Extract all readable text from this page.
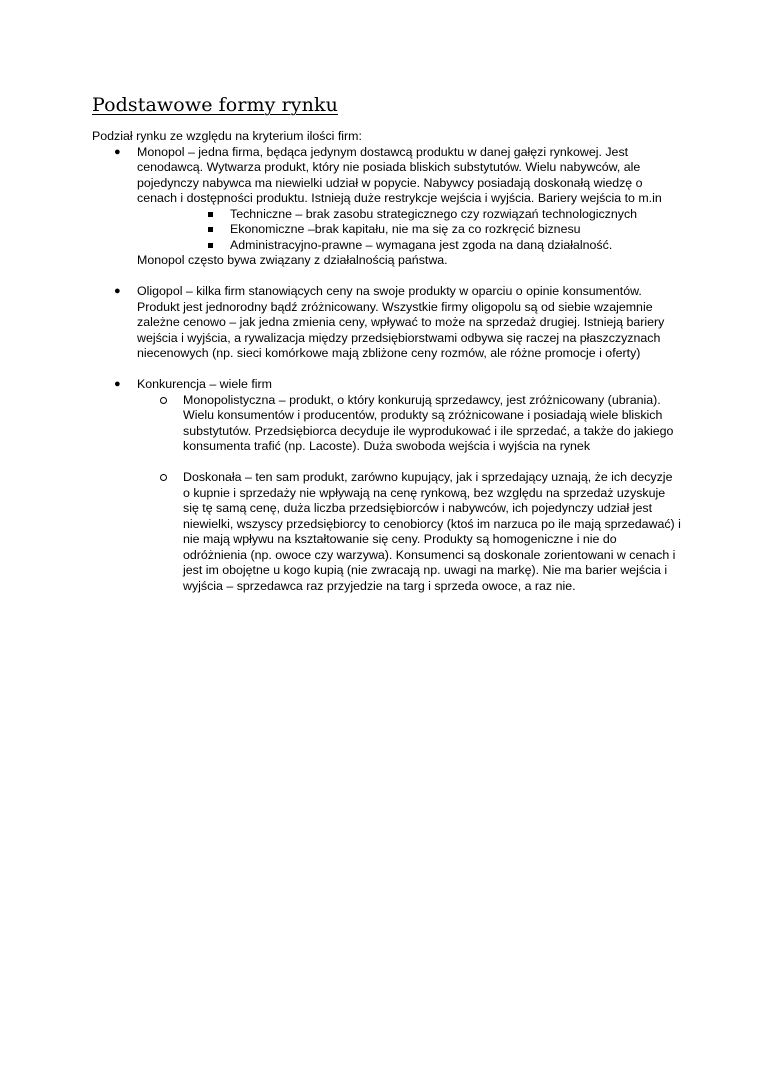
Podstawowe formy rynku

Podział rynku ze względu na kryterium ilości firm:

● Monopol – jedna firma, będąca jedynym dostawcą produktu w danej gałęzi rynkowej. Jest cenodawcą. Wytwarza produkt, który nie posiada bliskich substytutów. Wielu nabywców, ale pojedynczy nabywca ma niewielki udział w popycie. Nabywcy posiadają doskonałą wiedzę o cenach i dostępności produktu. Istnieją duże restrykcje wejścia i wyjścia. Bariery wejścia to m.in

Techniczne – brak zasobu strategicznego czy rozwiązań technologicznych
Ekonomiczne –brak kapitału, nie ma się za co rozkręcić biznesu
Administracyjno-prawne – wymagana jest zgoda na daną działalność.

Monopol często bywa związany z działalnością państwa.

● Oligopol – kilka firm stanowiących ceny na swoje produkty w oparciu o opinie konsumentów. Produkt jest jednorodny bądź zróżnicowany. Wszystkie firmy oligopolu są od siebie wzajemnie zależne cenowo – jak jedna zmienia ceny, wpływać to może na sprzedaż drugiej. Istnieją bariery wejścia i wyjścia, a rywalizacja między przedsiębiorstwami odbywa się raczej na płaszczyznach niecenowych (np. sieci komórkowe mają zbliżone ceny rozmów, ale różne promocje i oferty)

● Konkurencja – wiele firm

Monopolistyczna – produkt, o który konkurują sprzedawcy, jest zróżnicowany (ubrania). Wielu konsumentów i producentów, produkty są zróżnicowane i posiadają wiele bliskich substytutów. Przedsiębiorca decyduje ile wyprodukować i ile sprzedać, a także do jakiego konsumenta trafić (np. Lacoste). Duża swoboda wejścia i wyjścia na rynek

Doskonała – ten sam produkt, zarówno kupujący, jak i sprzedający uznają, że ich decyzje o kupnie i sprzedaży nie wpływają na cenę rynkową, bez względu na sprzedaż uzyskuje się tę samą cenę, duża liczba przedsiębiorców i nabywców, ich pojedynczy udział jest niewielki, wszyscy przedsiębiorcy to cenobiorcy (ktoś im narzuca po ile mają sprzedawać) i nie mają wpływu na kształtowanie się ceny. Produkty są homogeniczne i nie do odróżnienia (np. owoce czy warzywa). Konsumenci są doskonale zorientowani w cenach i jest im obojętne u kogo kupią (nie zwracają np. uwagi na markę). Nie ma barier wejścia i wyjścia – sprzedawca raz przyjedzie na targ i sprzeda owoce, a raz nie.
